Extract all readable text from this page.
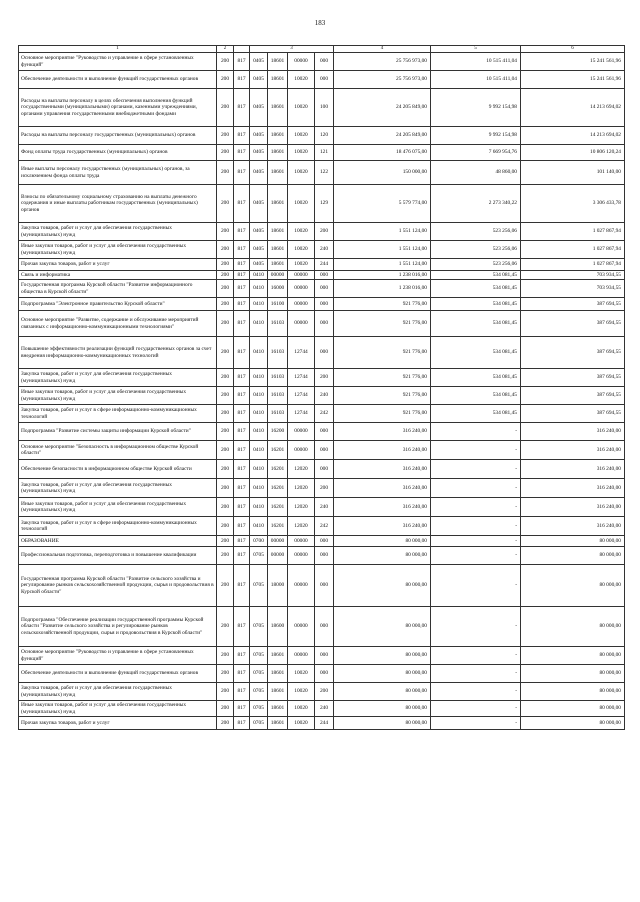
183
1	2		3				4	5	6
Основное мероприятие "Руководство и управление в сфере установленных функций"	200	817	0405	18601	00000	000	25 756 973,00	10 515 411,04	15 241 561,96
Обеспечение деятельности и выполнение функций государственных органов	200	817	0405	18601	10020	000	25 756 973,00	10 515 411,04	15 241 561,96
Расходы на выплаты персоналу в целях обеспечения выполнения функций государственными (муниципальными) органами, казенными учреждениями, органами управления государственными внебюджетными фондами	200	817	0405	18601	10020	100	24 205 849,00	9 992 154,98	14 213 694,02
Расходы на выплаты персоналу государственных (муниципальных) органов	200	817	0405	18601	10020	120	24 205 849,00	9 992 154,98	14 213 694,02
Фонд оплаты труда государственных (муниципальных) органов	200	817	0405	18601	10020	121	18 476 075,00	7 669 954,76	10 806 120,24
Иные выплаты персоналу государственных (муниципальных) органов, за исключением фонда оплаты труда	200	817	0405	18601	10020	122	150 000,00	48 860,00	101 140,00
Взносы по обязательному социальному страхованию на выплаты денежного содержания и иные выплаты работникам государственных (муниципальных) органов	200	817	0405	18601	10020	129	5 579 774,00	2 273 340,22	3 306 433,78
Закупка товаров, работ и услуг для обеспечения государственных (муниципальных) нужд	200	817	0405	18601	10020	200	1 551 124,00	523 256,06	1 027 867,94
Иные закупки товаров, работ и услуг для обеспечения государственных (муниципальных) нужд	200	817	0405	18601	10020	240	1 551 124,00	523 256,06	1 027 867,94
Прочая закупка товаров, работ и услуг	200	817	0405	18601	10020	244	1 551 124,00	523 256,06	1 027 867,94
Связь и информатика	200	817	0410	00000	00000	000	1 238 016,00	534 081,45	703 934,55
Государственная программа Курской области "Развитие информационного общества в Курской области"	200	817	0410	16000	00000	000	1 238 016,00	534 081,45	703 934,55
Подпрограмма "Электронное правительство Курской области"	200	817	0410	16100	00000	000	921 776,00	534 081,45	387 694,55
Основное мероприятие "Развитие, содержание и обслуживание мероприятий связанных с информационно-коммуникационными технологиями"	200	817	0410	16103	00000	000	921 776,00	534 081,45	387 694,55
Повышение эффективности реализации функций государственных органов за счет внедрения информационно-коммуникационных технологий	200	817	0410	16103	12744	000	921 776,00	534 081,45	387 694,55
Закупка товаров, работ и услуг для обеспечения государственных (муниципальных) нужд	200	817	0410	16103	12744	200	921 776,00	534 081,45	387 694,55
Иные закупки товаров, работ и услуг для обеспечения государственных (муниципальных) нужд	200	817	0410	16103	12744	240	921 776,00	534 081,45	387 694,55
Закупка товаров, работ и услуг в сфере информационно-коммуникационных технологий	200	817	0410	16103	12744	242	921 776,00	534 081,45	387 694,55
Подпрограмма "Развитие системы защиты информации Курской области"	200	817	0410	16200	00000	000	316 240,00	-	316 240,00
Основное мероприятие "Безопасность в информационном обществе Курской области"	200	817	0410	16201	00000	000	316 240,00	-	316 240,00
Обеспечение безопасности в информационном обществе Курской области	200	817	0410	16201	12020	000	316 240,00	-	316 240,00
Закупка товаров, работ и услуг для обеспечения государственных (муниципальных) нужд	200	817	0410	16201	12020	200	316 240,00	-	316 240,00
Иные закупки товаров, работ и услуг для обеспечения государственных (муниципальных) нужд	200	817	0410	16201	12020	240	316 240,00	-	316 240,00
Закупка товаров, работ и услуг в сфере информационно-коммуникационных технологий	200	817	0410	16201	12020	242	316 240,00	-	316 240,00
ОБРАЗОВАНИЕ	200	817	0700	00000	00000	000	80 000,00	-	80 000,00
Профессиональная подготовка, переподготовка и повышение квалификации	200	817	0705	00000	00000	000	80 000,00	-	80 000,00
Государственная программа Курской области "Развитие сельского хозяйства и регулирование рынков сельскохозяйственной продукции, сырья и продовольствия в Курской области"	200	817	0705	18000	00000	000	80 000,00	-	80 000,00
Подпрограмма "Обеспечение реализации государственной программы Курской области "Развитие сельского хозяйства и регулирование рынков сельскохозяйственной продукции, сырья и продовольствия в Курской области"	200	817	0705	18600	00000	000	80 000,00	-	80 000,00
Основное мероприятие "Руководство и управление в сфере установленных функций"	200	817	0705	18601	00000	000	80 000,00	-	80 000,00
Обеспечение деятельности и выполнение функций государственных органов	200	817	0705	18601	10020	000	80 000,00	-	80 000,00
Закупка товаров, работ и услуг для обеспечения государственных (муниципальных) нужд	200	817	0705	18601	10020	200	80 000,00	-	80 000,00
Иные закупки товаров, работ и услуг для обеспечения государственных (муниципальных) нужд	200	817	0705	18601	10020	240	80 000,00	-	80 000,00
Прочая закупка товаров, работ и услуг	200	817	0705	18601	10020	244	80 000,00	-	80 000,00
